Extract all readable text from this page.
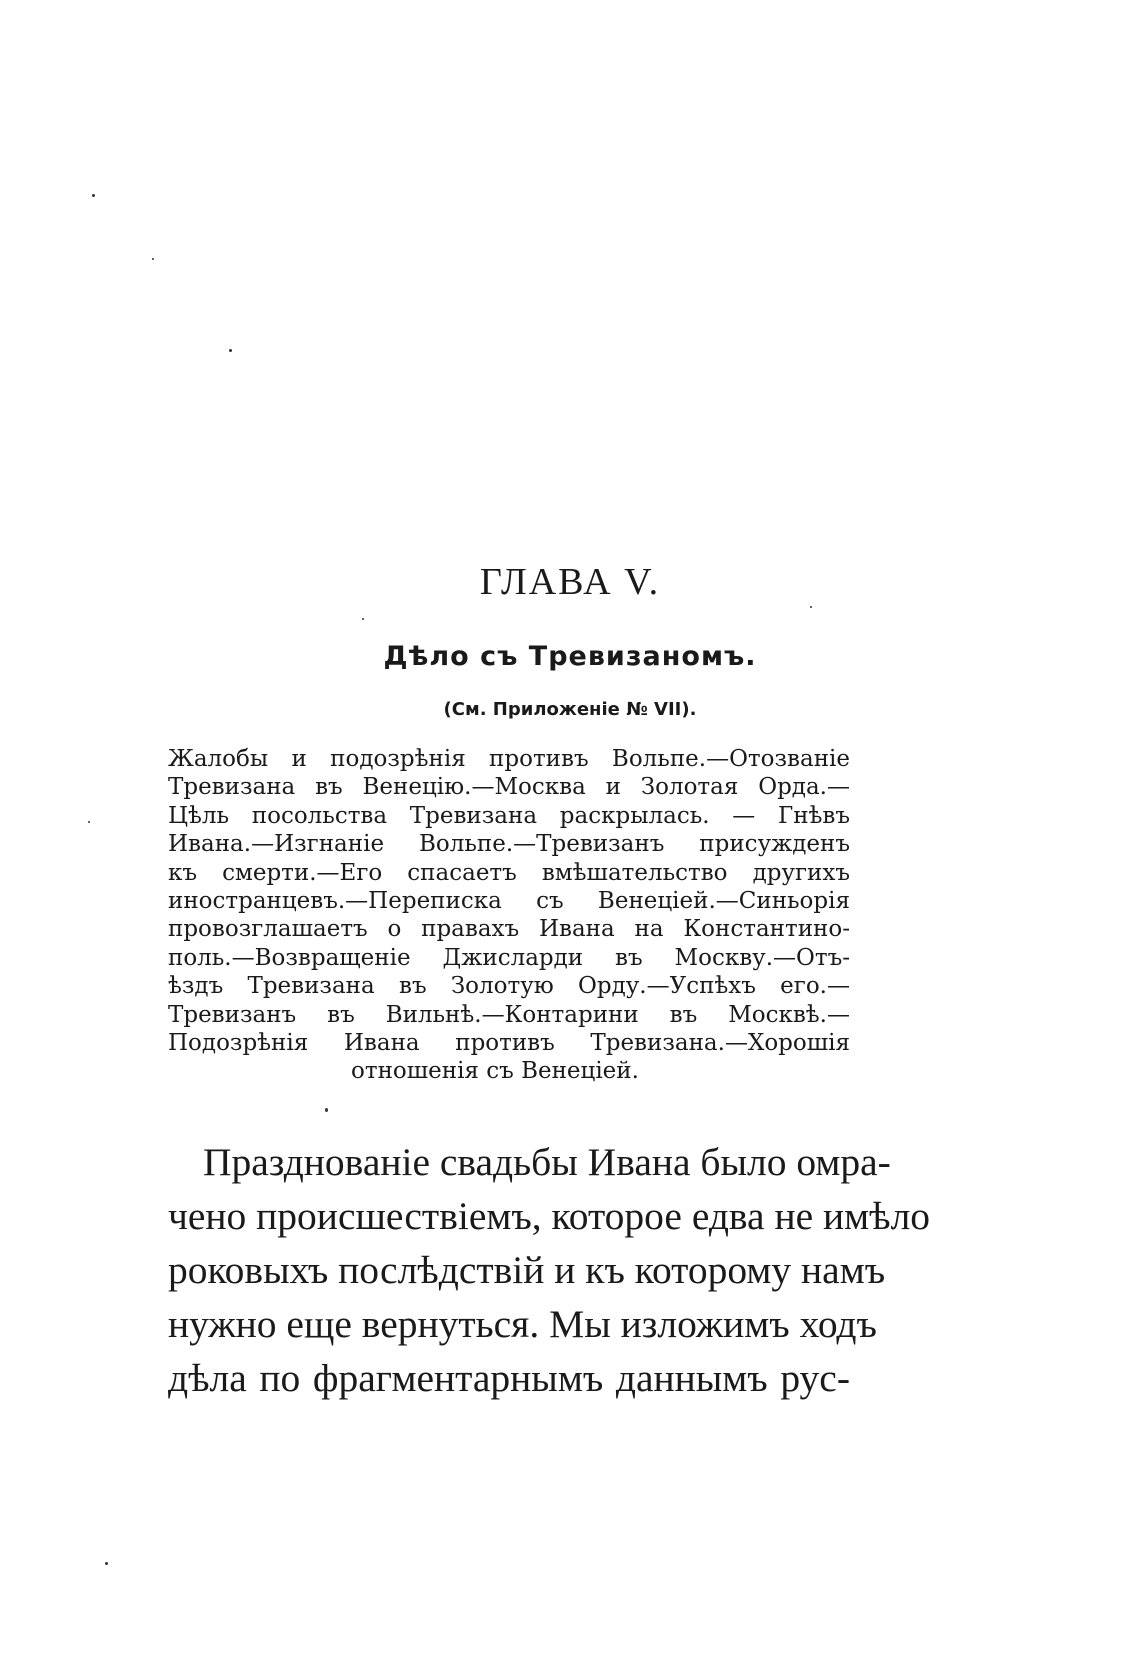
ГЛАВА V.
Дѣло съ Тревизаномъ.
(См. Приложеніе № VII).
Жалобы и подозрѣнія противъ Вольпе.—Отозваніе
Тревизана въ Венецію.—Москва и Золотая Орда.—
Цѣль посольства Тревизана раскрылась. — Гнѣвъ
Ивана.—Изгнаніе Вольпе.—Тревизанъ присужденъ
къ смерти.—Его спасаетъ вмѣшательство другихъ
иностранцевъ.—Переписка съ Венеціей.—Синьорія
провозглашаетъ о правахъ Ивана на Константино-
поль.—Возвращеніе Джисларди въ Москву.—Отъ-
ѣздъ Тревизана въ Золотую Орду.—Успѣхъ его.—
Тревизанъ въ Вильнѣ.—Контарини въ Москвѣ.—
Подозрѣнія Ивана противъ Тревизана.—Хорошія
отношенія съ Венеціей.
Празднованіе свадьбы Ивана было омра-
чено происшествіемъ, которое едва не имѣло
роковыхъ послѣдствій и къ которому намъ
нужно еще вернуться. Мы изложимъ ходъ
дѣла по фрагментарнымъ даннымъ рус-
